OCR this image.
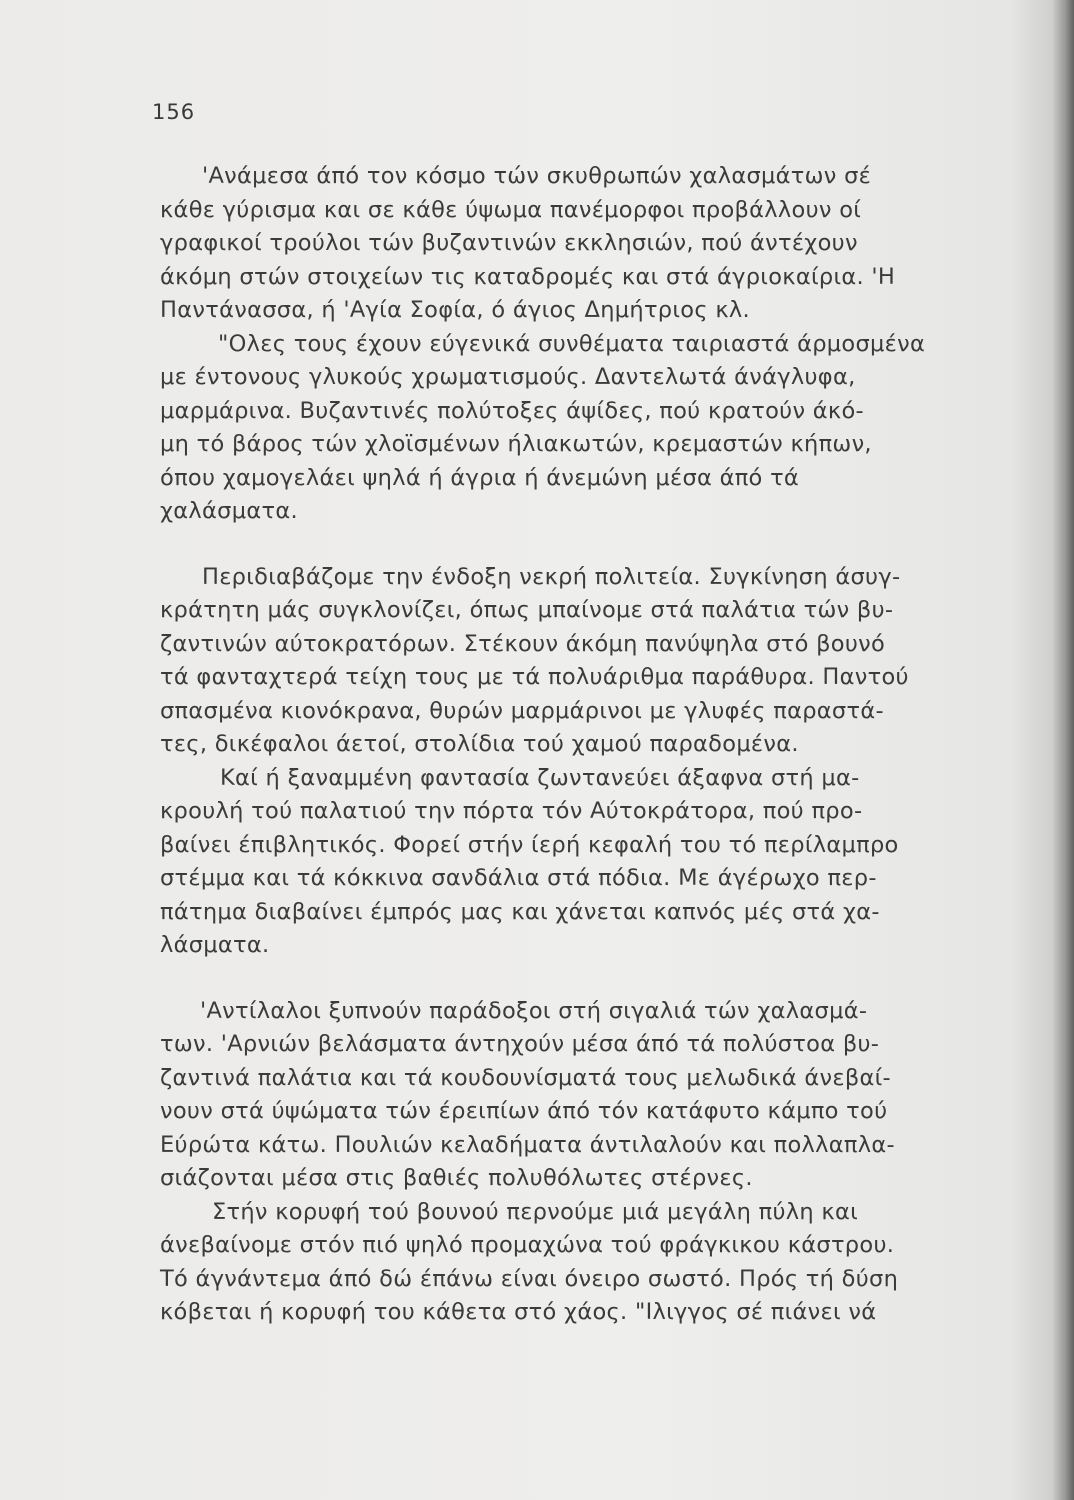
156
'Ανάμεσα άπό τον κόσμο τών σκυθρωπών χαλασμάτων σέ
κάθε γύρισμα και σε κάθε ύψωμα πανέμορφοι προβάλλουν οί
γραφικοί τρούλοι τών βυζαντινών εκκλησιών, πού άντέχουν
άκόμη στών στοιχείων τις καταδρομές και στά άγριοκαίρια. 'Η
Παντάνασσα, ή 'Αγία Σοφία, ό άγιος Δημήτριος κλ.
"Ολες τους έχουν εύγενικά συνθέματα ταιριαστά άρμοσμένα
με έντονους γλυκούς χρωματισμούς. Δαντελωτά άνάγλυφα,
μαρμάρινα. Βυζαντινές πολύτοξες άψίδες, πού κρατούν άκό-
μη τό βάρος τών χλοϊσμένων ήλιακωτών, κρεμαστών κήπων,
όπου χαμογελάει ψηλά ή άγρια ή άνεμώνη μέσα άπό τά
χαλάσματα.
Περιδιαβάζομε την ένδοξη νεκρή πολιτεία. Συγκίνηση άσυγ-
κράτητη μάς συγκλονίζει, όπως μπαίνομε στά παλάτια τών βυ-
ζαντινών αύτοκρατόρων. Στέκουν άκόμη πανύψηλα στό βουνό
τά φανταχτερά τείχη τους με τά πολυάριθμα παράθυρα. Παντού
σπασμένα κιονόκρανα, θυρών μαρμάρινοι με γλυφές παραστά-
τες, δικέφαλοι άετοί, στολίδια τού χαμού παραδομένα.
Καί ή ξαναμμένη φαντασία ζωντανεύει άξαφνα στή μα-
κρουλή τού παλατιού την πόρτα τόν Αύτοκράτορα, πού προ-
βαίνει έπιβλητικός. Φορεί στήν ίερή κεφαλή του τό περίλαμπρο
στέμμα και τά κόκκινα σανδάλια στά πόδια. Με άγέρωχο περ-
πάτημα διαβαίνει έμπρός μας και χάνεται καπνός μές στά χα-
λάσματα.
'Αντίλαλοι ξυπνούν παράδοξοι στή σιγαλιά τών χαλασμά-
των. 'Αρνιών βελάσματα άντηχούν μέσα άπό τά πολύστοα βυ-
ζαντινά παλάτια και τά κουδουνίσματά τους μελωδικά άνεβαί-
νουν στά ύψώματα τών έρειπίων άπό τόν κατάφυτο κάμπο τού
Εύρώτα κάτω. Πουλιών κελαδήματα άντιλαλούν και πολλαπλα-
σιάζονται μέσα στις βαθιές πολυθόλωτες στέρνες.
Στήν κορυφή τού βουνού περνούμε μιά μεγάλη πύλη και
άνεβαίνομε στόν πιό ψηλό προμαχώνα τού φράγκικου κάστρου.
Τό άγνάντεμα άπό δώ έπάνω είναι όνειρο σωστό. Πρός τή δύση
κόβεται ή κορυφή του κάθετα στό χάος. "Ιλιγγος σέ πιάνει νά
